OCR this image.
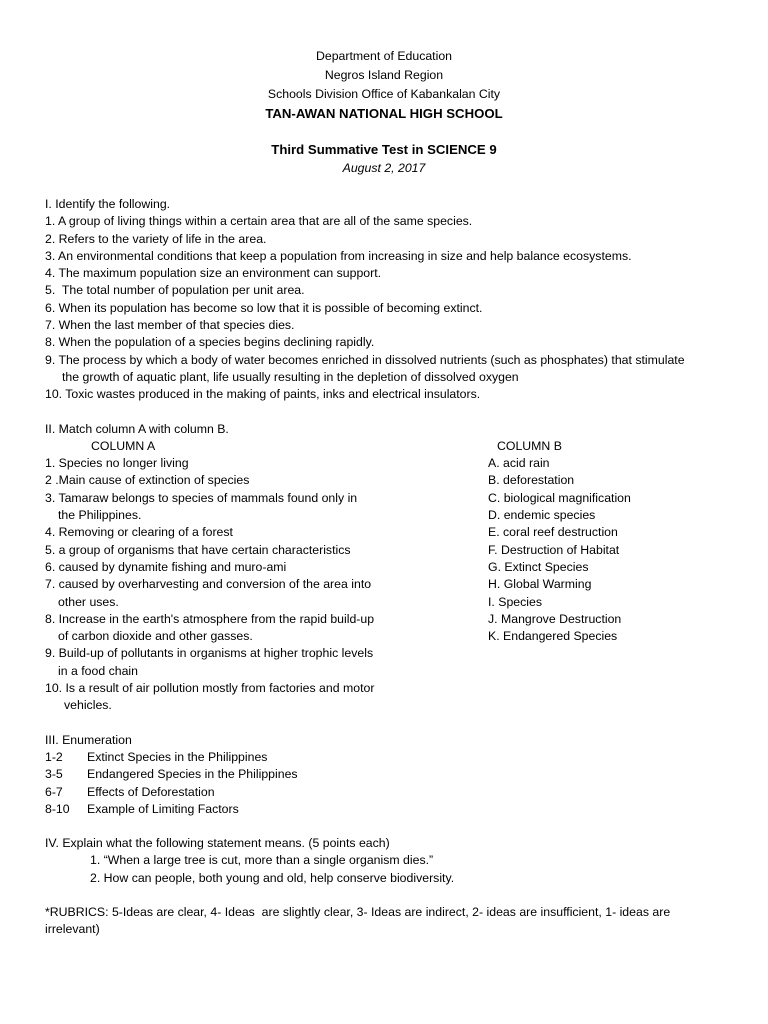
Department of Education
Negros Island Region
Schools Division Office of Kabankalan City
TAN-AWAN NATIONAL HIGH SCHOOL
Third Summative Test in SCIENCE 9
August 2, 2017
I. Identify the following.
1. A group of living things within a certain area that are all of the same species.
2. Refers to the variety of life in the area.
3. An environmental conditions that keep a population from increasing in size and help balance ecosystems.
4. The maximum population size an environment can support.
5.  The total number of population per unit area.
6. When its population has become so low that it is possible of becoming extinct.
7. When the last member of that species dies.
8. When the population of a species begins declining rapidly.
9. The process by which a body of water becomes enriched in dissolved nutrients (such as phosphates) that stimulate
the growth of aquatic plant, life usually resulting in the depletion of dissolved oxygen
10. Toxic wastes produced in the making of paints, inks and electrical insulators.
II. Match column A with column B.
COLUMN A
1. Species no longer living
2 .Main cause of extinction of species
3. Tamaraw belongs to species of mammals found only in
the Philippines.
4. Removing or clearing of a forest
5. a group of organisms that have certain characteristics
6. caused by dynamite fishing and muro-ami
7. caused by overharvesting and conversion of the area into
other uses.
8. Increase in the earth's atmosphere from the rapid build-up
of carbon dioxide and other gasses.
9. Build-up of pollutants in organisms at higher trophic levels
in a food chain
10. Is a result of air pollution mostly from factories and motor
vehicles.
COLUMN B
A. acid rain
B. deforestation
C. biological magnification
D. endemic species
E. coral reef destruction
F. Destruction of Habitat
G. Extinct Species
H. Global Warming
I. Species
J. Mangrove Destruction
K. Endangered Species
III. Enumeration
1-2	Extinct Species in the Philippines
3-5	Endangered Species in the Philippines
6-7	Effects of Deforestation
8-10	Example of Limiting Factors
IV. Explain what the following statement means. (5 points each)
1. “When a large tree is cut, more than a single organism dies.”
2. How can people, both young and old, help conserve biodiversity.
*RUBRICS: 5-Ideas are clear, 4- Ideas  are slightly clear, 3- Ideas are indirect, 2- ideas are insufficient, 1- ideas are
irrelevant)
